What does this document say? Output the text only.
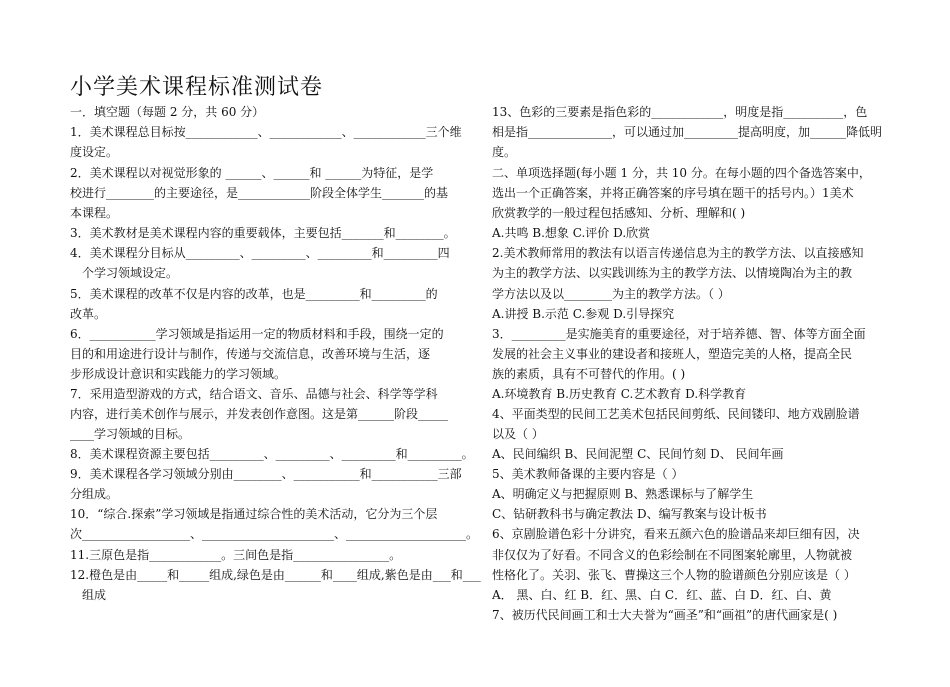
小学美术课程标准测试卷
一．填空题（每题 2 分，共 60 分）
1．美术课程总目标按____________、____________、____________三个维
度设定。
2．美术课程以对视觉形象的 ______、______和 ______为特征，是学
校进行________的主要途径，是____________阶段全体学生_______的基
本课程。
3．美术教材是美术课程内容的重要载体，主要包括_______和________。
4．美术课程分目标从_________、_________、_________和_________四
个学习领域设定。
5．美术课程的改革不仅是内容的改革，也是_________和_________的
改革。
6．___________学习领域是指运用一定的物质材料和手段，围绕一定的
目的和用途进行设计与制作，传递与交流信息，改善环境与生活，逐
步形成设计意识和实践能力的学习领域。
7．采用造型游戏的方式，结合语文、音乐、品德与社会、科学等学科
内容，进行美术创作与展示，并发表创作意图。这是第______阶段_____
____学习领域的目标。
8．美术课程资源主要包括_________、_________、_________和_________。
9．美术课程各学习领域分别由________、___________和___________三部
分组成。
10．“综合.探索”学习领域是指通过综合性的美术活动，它分为三个层
次__________________、______________________、____________________。
11.三原色是指____________。三间色是指________________。
12.橙色是由_____和_____组成,绿色是由______和____组成,紫色是由___和___
组成
13、色彩的三要素是指色彩的____________，明度是指__________，色
相是指______________，可以通过加_________提高明度，加______降低明
度。
二、单项选择题(每小题 1 分，共 10 分。在每小题的四个备选答案中，
选出一个正确答案，并将正确答案的序号填在题干的括号内。）1美术
欣赏教学的一般过程包括感知、分析、理解和( )
A.共鸣 B.想象 C.评价 D.欣赏
2.美术教师常用的教法有以语言传递信息为主的教学方法、以直接感知
为主的教学方法、以实践训练为主的教学方法、以情境陶冶为主的教
学方法以及以________为主的教学方法。（ ）
A.讲授 B.示范 C.参观 D.引导探究
3．_________是实施美育的重要途径，对于培养德、智、体等方面全面
发展的社会主义事业的建设者和接班人，塑造完美的人格，提高全民
族的素质，具有不可替代的作用。( )
A.环境教育 B.历史教育 C.艺术教育 D.科学教育
4、平面类型的民间工艺美术包括民间剪纸、民间镂印、地方戏剧脸谱
以及（ ）
A、民间编织 B、民间泥塑 C、民间竹刻 D、 民间年画
5、美术教师备课的主要内容是（ ）
A、明确定义与把握原则 B、熟悉课标与了解学生
C、钻研教科书与确定教法 D、编写教案与设计板书
6、京剧脸谱色彩十分讲究，看来五颜六色的脸谱品来却巨细有因，决
非仅仅为了好看。不同含义的色彩绘制在不同图案轮廓里，人物就被
性格化了。关羽、张飞、曹操这三个人物的脸谱颜色分别应该是（ ）
A． 黑、白、红 B．红、黑、白 C．红、蓝、白 D．红、白、黄
7、被历代民间画工和士大夫誉为“画圣”和“画祖”的唐代画家是( )
